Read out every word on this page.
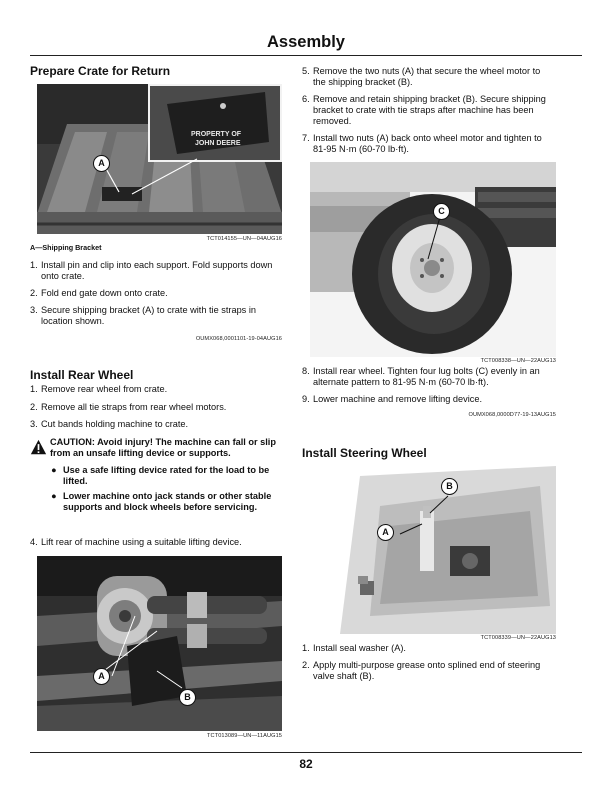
Assembly
Prepare Crate for Return
PROPERTY OF
JOHN DEERE
A
TCT014155—UN—04AUG16
A—Shipping Bracket
1. Install pin and clip into each support. Fold supports down onto crate.
2. Fold end gate down onto crate.
3. Secure shipping bracket (A) to crate with tie straps in location shown.
OUMX068,0001101-19-04AUG16
Install Rear Wheel
1. Remove rear wheel from crate.
2. Remove all tie straps from rear wheel motors.
3. Cut bands holding machine to crate.
CAUTION: Avoid injury! The machine can fall or slip from an unsafe lifting device or supports.
● Use a safe lifting device rated for the load to be lifted.
● Lower machine onto jack stands or other stable supports and block wheels before servicing.
4. Lift rear of machine using a suitable lifting device.
A
B
TCT013089—UN—11AUG15
5. Remove the two nuts (A) that secure the wheel motor to the shipping bracket (B).
6. Remove and retain shipping bracket (B). Secure shipping bracket to crate with tie straps after machine has been removed.
7. Install two nuts (A) back onto wheel motor and tighten to 81-95 N·m (60-70 lb·ft).
C
TCT008338—UN—22AUG13
8. Install rear wheel. Tighten four lug bolts (C) evenly in an alternate pattern to 81-95 N·m (60-70 lb·ft).
9. Lower machine and remove lifting device.
OUMX068,0000D77-19-13AUG15
Install Steering Wheel
A
B
TCT008339—UN—22AUG13
1. Install seal washer (A).
2. Apply multi-purpose grease onto splined end of steering valve shaft (B).
82
